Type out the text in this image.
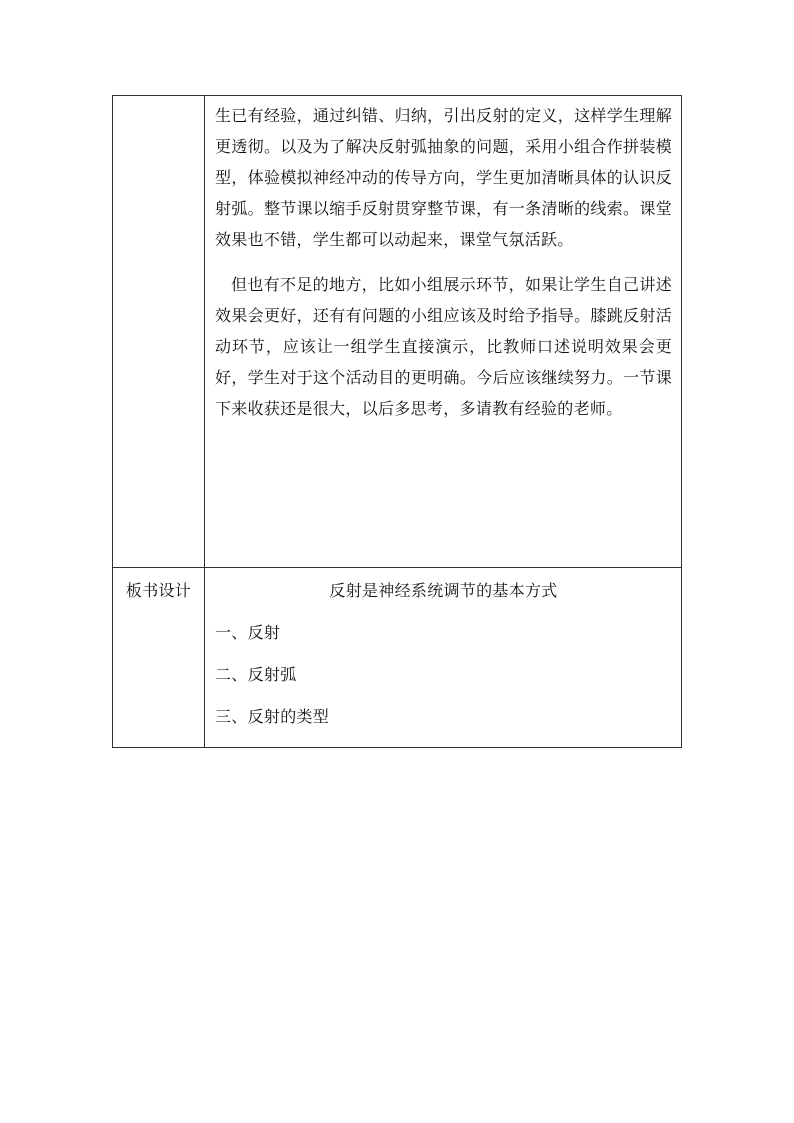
	生已有经验，通过纠错、归纳，引出反射的定义，这样学生理解更透彻。以及为了解决反射弧抽象的问题，采用小组合作拼装模型，体验模拟神经冲动的传导方向，学生更加清晰具体的认识反射弧。整节课以缩手反射贯穿整节课，有一条清晰的线索。课堂效果也不错，学生都可以动起来，课堂气氛活跃。

但也有不足的地方，比如小组展示环节，如果让学生自己讲述效果会更好，还有有问题的小组应该及时给予指导。膝跳反射活动环节，应该让一组学生直接演示，比教师口述说明效果会更好，学生对于这个活动目的更明确。今后应该继续努力。一节课下来收获还是很大，以后多思考，多请教有经验的老师。

板书设计	反射是神经系统调节的基本方式
一、反射
二、反射弧
三、反射的类型
